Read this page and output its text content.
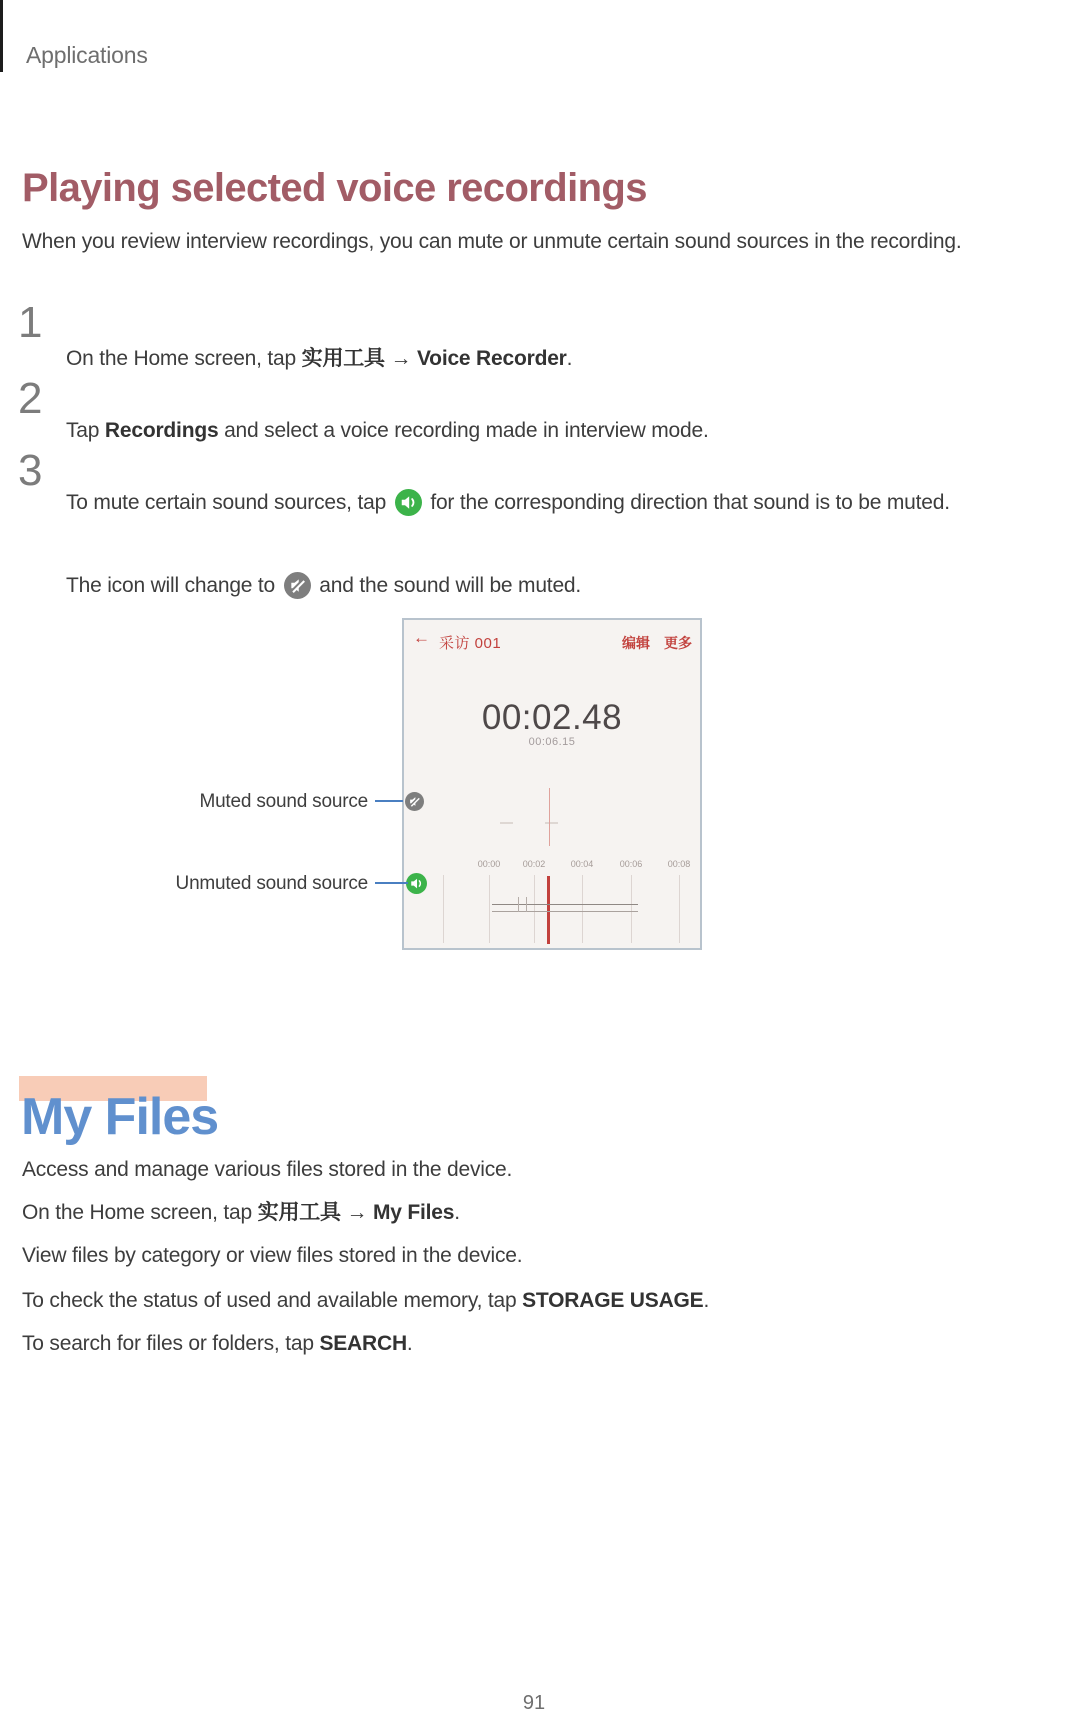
Applications
Playing selected voice recordings

When you review interview recordings, you can mute or unmute certain sound sources in the recording.

1

On the Home screen, tap 实用工具 → Voice Recorder.

2

Tap Recordings and select a voice recording made in interview mode.

3

To mute certain sound sources, tap  for the corresponding direction that sound is to be muted.

The icon will change to  and the sound will be muted.

← 采访 001	编辑 更多
00:02.48
00:06.15
00:00 00:02	00:04	00:06	00:08
Muted sound source
Unmuted sound source
My Files

Access and manage various files stored in the device.

On the Home screen, tap 实用工具 → My Files.

View files by category or view files stored in the device.

To check the status of used and available memory, tap STORAGE USAGE.

To search for files or folders, tap SEARCH.

91
